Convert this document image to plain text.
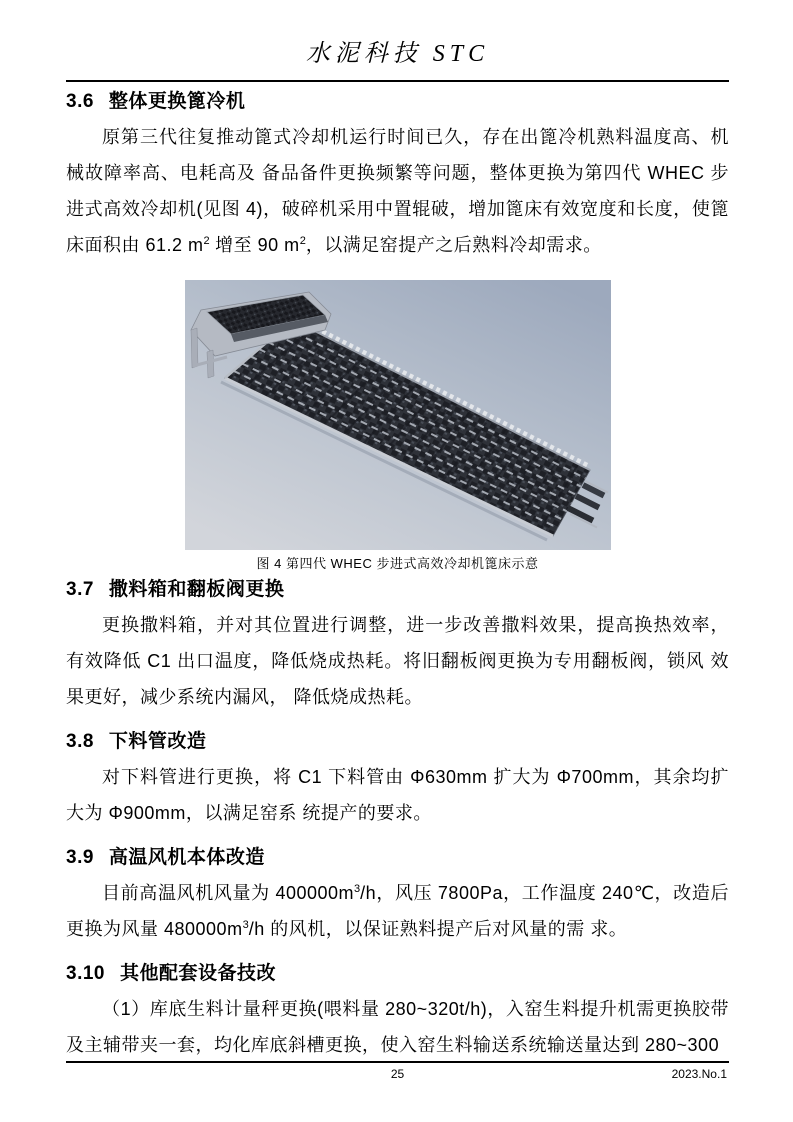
水泥科技 STC
3.6 整体更换篦冷机

原第三代往复推动篦式冷却机运行时间已久，存在出篦冷机熟料温度高、机械故障率高、电耗高及 备品备件更换频繁等问题，整体更换为第四代 WHEC 步进式高效冷却机(见图 4)，破碎机采用中置辊破，增加篦床有效宽度和长度，使篦床面积由 61.2 $m^2$ 增至 90 $m^2$，以满足窑提产之后熟料冷却需求。

图 4 第四代 WHEC 步进式高效冷却机篦床示意
3.7 撒料箱和翻板阀更换

更换撒料箱，并对其位置进行调整，进一步改善撒料效果，提高换热效率，有效降低 C1 出口温度，降低烧成热耗。将旧翻板阀更换为专用翻板阀，锁风 效果更好，减少系统内漏风， 降低烧成热耗。

3.8 下料管改造

对下料管进行更换，将 C1 下料管由 Φ630mm 扩大为 Φ700mm，其余均扩大为 Φ900mm，以满足窑系 统提产的要求。

3.9 高温风机本体改造

目前高温风机风量为 $400000m^3/h$，风压 7800Pa，工作温度 240℃，改造后更换为风量 $480000m^3/h$ 的风机，以保证熟料提产后对风量的需 求。

3.10 其他配套设备技改

（1）库底生料计量秤更换(喂料量 280~320t/h)，入窑生料提升机需更换胶带及主辅带夹一套，均化库底斜槽更换，使入窑生料输送系统输送量达到 280~300

25	2023.No.1
